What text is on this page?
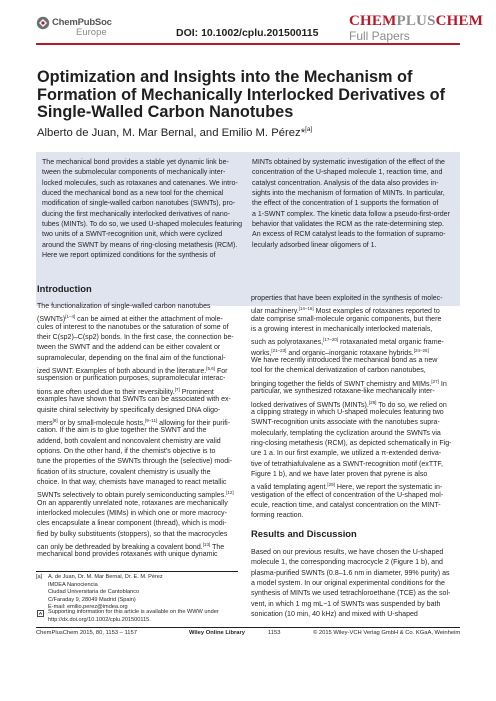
ChemPubSoc
Europe	DOI: 10.1002/cplu.201500115
CHEMPLUSCHEM
Full Papers
Optimization and Insights into the Mechanism of
Formation of Mechanically Interlocked Derivatives of
Single-Walled Carbon Nanotubes
Alberto de Juan, M. Mar Bernal, and Emilio M. Pérez*[a]
The mechanical bond provides a stable yet dynamic link be-
tween the submolecular components of mechanically inter-
locked molecules, such as rotaxanes and catenanes. We intro-
duced the mechanical bond as a new tool for the chemical
modification of single-walled carbon nanotubes (SWNTs), pro-
ducing the first mechanically interlocked derivatives of nano-
tubes (MINTs). To do so, we used U-shaped molecules featuring
two units of a SWNT-recognition unit, which were cyclized
around the SWNT by means of ring-closing metathesis (RCM).
Here we report optimized conditions for the synthesis of
MINTs obtained by systematic investigation of the effect of the
concentration of the U-shaped molecule 1, reaction time, and
catalyst concentration. Analysis of the data also provides in-
sights into the mechanism of formation of MINTs. In particular,
the effect of the concentration of 1 supports the formation of
a 1-SWNT complex. The kinetic data follow a pseudo-first-order
behavior that validates the RCM as the rate-determining step.
An excess of RCM catalyst leads to the formation of supramo-
lecularly adsorbed linear oligomers of 1.
Introduction
The functionalization of single-walled carbon nanotubes
(SWNTs)[1–4] can be aimed at either the attachment of mole-
cules of interest to the nanotubes or the saturation of some of
their C(sp2)–C(sp2) bonds. In the first case, the connection be-
tween the SWNT and the addend can be either covalent or
supramolecular, depending on the final aim of the functional-
ized SWNT. Examples of both abound in the literature.[5,6] For
suspension or purification purposes, supramolecular interac-
tions are often used due to their reversibility.[7] Prominent
examples have shown that SWNTs can be associated with ex-
quisite chiral selectivity by specifically designed DNA oligo-
mers[8] or by small-molecule hosts,[9–11] allowing for their purifi-
cation. If the aim is to glue together the SWNT and the
addend, both covalent and noncovalent chemistry are valid
options. On the other hand, if the chemist's objective is to
tune the properties of the SWNTs through the (selective) modi-
fication of its structure, covalent chemistry is usually the
choice. In that way, chemists have managed to react metallic
SWNTs selectively to obtain purely semiconducting samples.[12]
On an apparently unrelated note, rotaxanes are mechanically
interlocked molecules (MIMs) in which one or more macrocy-
cles encapsulate a linear component (thread), which is modi-
fied by bulky substituents (stoppers), so that the macrocycles
can only be dethreaded by breaking a covalent bond.[13] The
mechanical bond provides rotaxanes with unique dynamic
properties that have been exploited in the synthesis of molec-
ular machinery.[14–16] Most examples of rotaxanes reported to
date comprise small-molecule organic components, but there
is a growing interest in mechanically interlocked materials,
such as polyrotaxanes,[17–20] rotaxanated metal organic frame-
works,[21–23] and organic–inorganic rotaxane hybrids.[24–26]
We have recently introduced the mechanical bond as a new
tool for the chemical derivatization of carbon nanotubes,
bringing together the fields of SWNT chemistry and MIMs.[27] In
particular, we synthesized rotaxane-like mechanically inter-
locked derivatives of SWNTs (MINTs).[28] To do so, we relied on
a clipping strategy in which U-shaped molecules featuring two
SWNT-recognition units associate with the nanotubes supra-
molecularly, templating the cyclization around the SWNTs via
ring-closing metathesis (RCM), as depicted schematically in Fig-
ure 1 a. In our first example, we utilized a π-extended deriva-
tive of tetrathiafulvalene as a SWNT-recognition motif (exTTF,
Figure 1 b), and we have later proven that pyrene is also
a valid templating agent.[29] Here, we report the systematic in-
vestigation of the effect of concentration of the U-shaped mol-
ecule, reaction time, and catalyst concentration on the MINT-
forming reaction.
Results and Discussion
Based on our previous results, we have chosen the U-shaped
molecule 1, the corresponding macrocycle 2 (Figure 1 b), and
plasma-purified SWNTs (0.8–1.6 nm in diameter, 99% purity) as
a model system. In our original experimental conditions for the
synthesis of MINTs we used tetrachloroethane (TCE) as the sol-
vent, in which 1 mg mL−1 of SWNTs was suspended by bath
sonication (10 min, 40 kHz) and mixed with U-shaped
[a] A. de Juan, Dr. M. Mar Bernal, Dr. E. M. Pérez
IMDEA Nanociencia
Ciudad Universitaria de Cantoblanco
C/Faraday 9, 28049 Madrid (Spain)
E-mail: emilio.perez@imdea.org
Supporting information for this article is available on the WWW under
http://dx.doi.org/10.1002/cplu.201500115.
ChemPlusChem 2015, 80, 1153 – 1157	Wiley Online Library	1153	© 2015 Wiley-VCH Verlag GmbH & Co. KGaA, Weinheim
